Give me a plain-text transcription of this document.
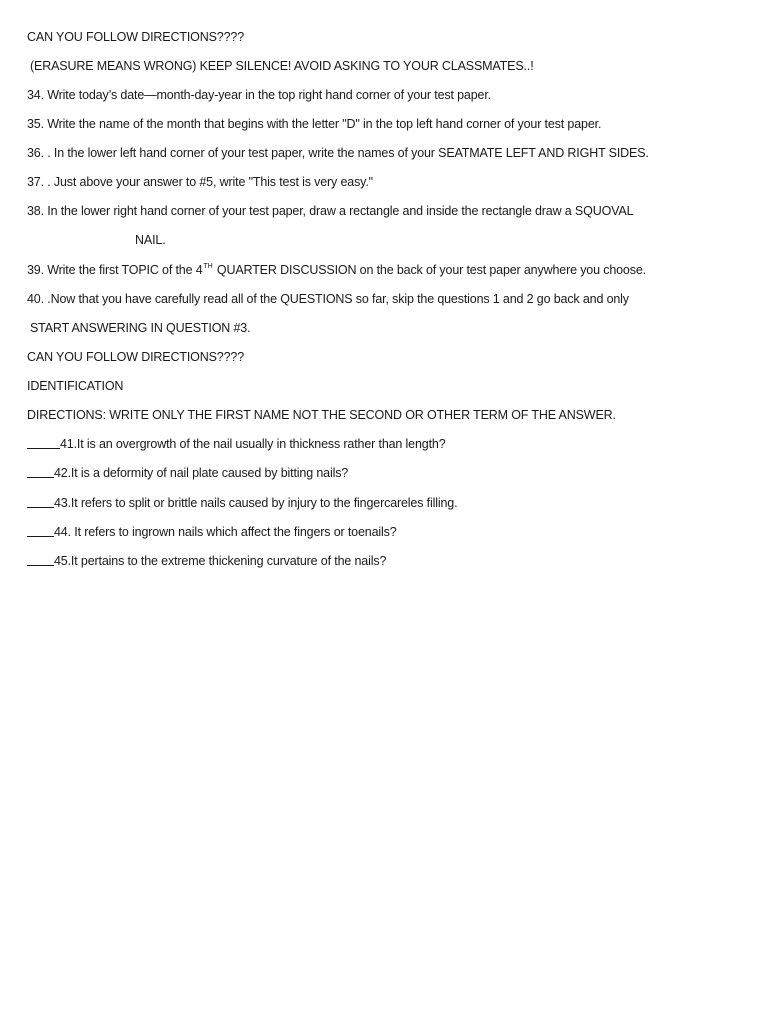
CAN YOU FOLLOW DIRECTIONS????
(ERASURE MEANS WRONG) KEEP SILENCE! AVOID ASKING TO YOUR CLASSMATES..!
34. Write today’s date—month-day-year in the top right hand corner of your test paper.
35. Write the name of the month that begins with the letter "D" in the top left hand corner of your test paper.
36. . In the lower left hand corner of your test paper, write the names of your SEATMATE LEFT AND RIGHT SIDES.
37. . Just above your answer to #5, write "This test is very easy."
38. In the lower right hand corner of your test paper, draw a rectangle and inside the rectangle draw a SQUOVAL
NAIL.
39. Write the first TOPIC of the 4TH QUARTER DISCUSSION on the back of your test paper anywhere you choose.
40. .Now that you have carefully read all of the QUESTIONS so far, skip the questions 1 and 2 go back and only
START ANSWERING IN QUESTION #3.
CAN YOU FOLLOW DIRECTIONS????
IDENTIFICATION
DIRECTIONS: WRITE ONLY THE FIRST NAME NOT THE SECOND OR OTHER TERM OF THE ANSWER.
41.It is an overgrowth of the nail usually in thickness rather than length?
42.It is a deformity of nail plate caused by bitting nails?
43.It refers to split or brittle nails caused by injury to the fingercareles filling.
44. It refers to ingrown nails which affect the fingers or toenails?
45.It pertains to the extreme thickening curvature of the nails?
